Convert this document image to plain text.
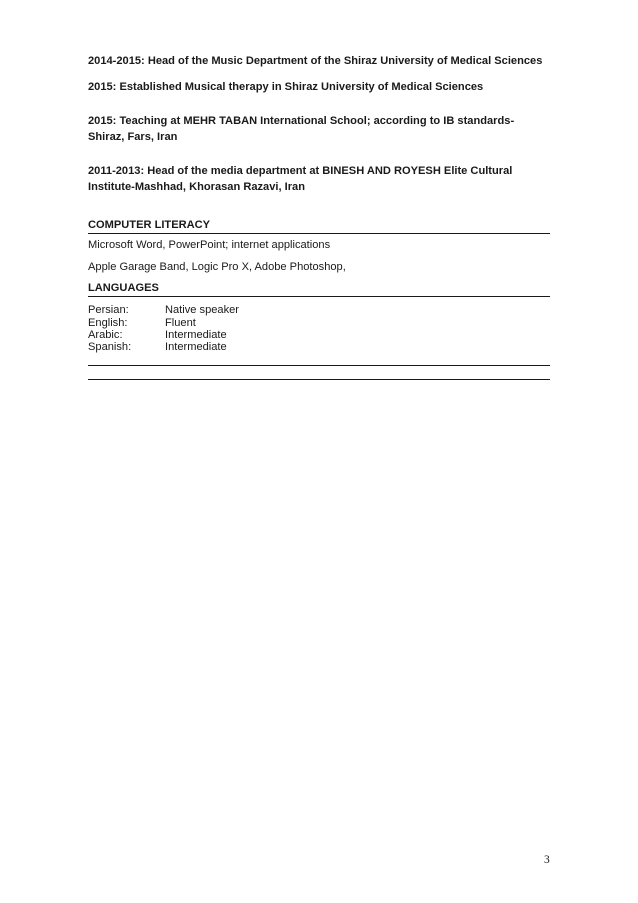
2014-2015: Head of the Music Department of the Shiraz University of Medical Sciences
2015: Established Musical therapy in Shiraz University of Medical Sciences
2015: Teaching at MEHR TABAN International School; according to IB standards-Shiraz, Fars, Iran
2011-2013: Head of the media department at BINESH AND ROYESH Elite Cultural Institute-Mashhad, Khorasan Razavi, Iran
COMPUTER LITERACY
Microsoft Word, PowerPoint; internet applications
Apple Garage Band, Logic Pro X, Adobe Photoshop,
LANGUAGES
Persian:	Native speaker
English:	Fluent
Arabic:	Intermediate
Spanish:	Intermediate
3
